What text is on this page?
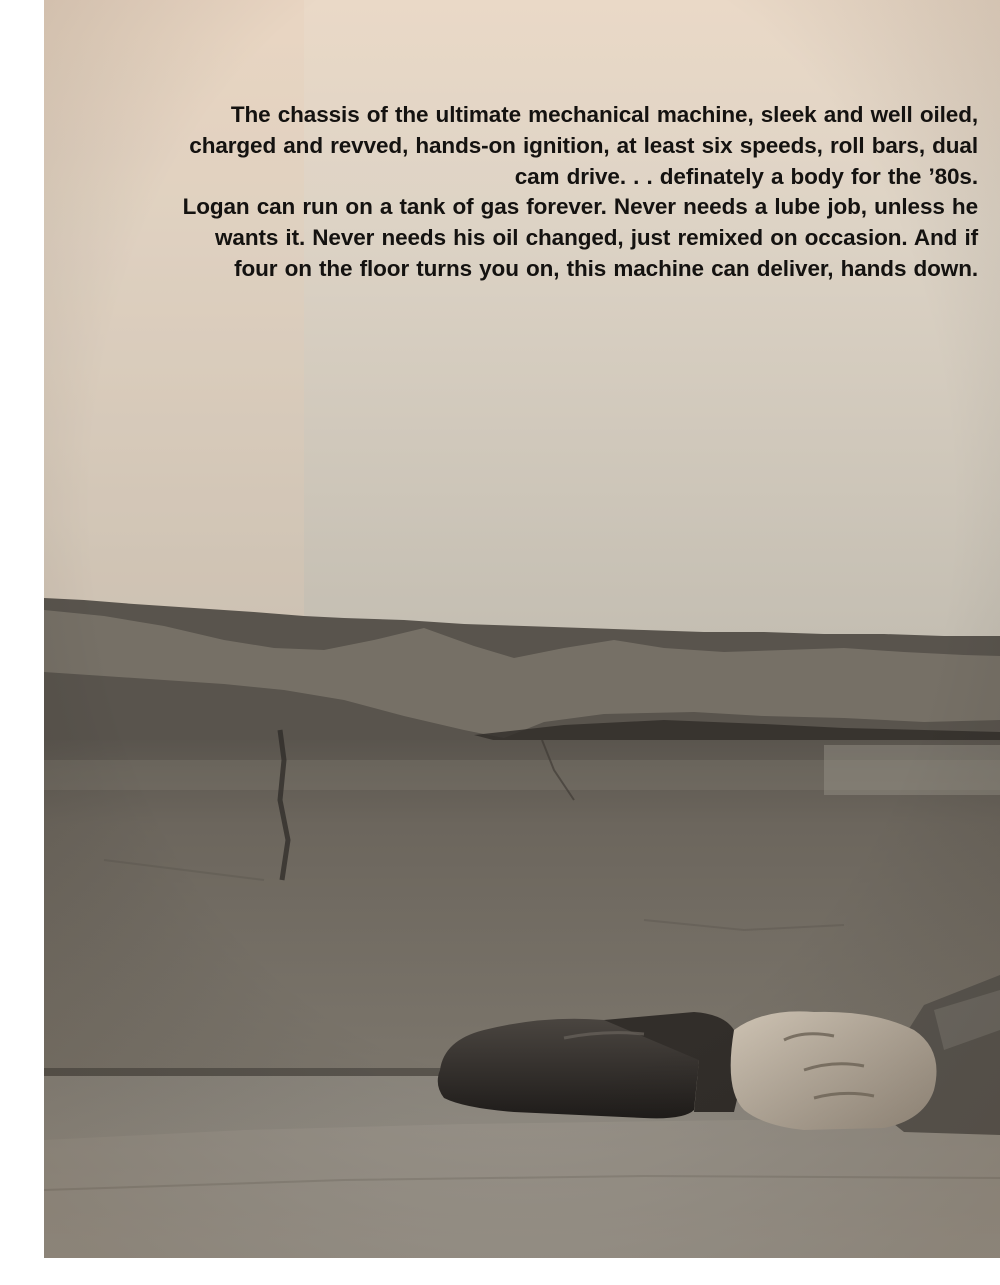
The chassis of the ultimate mechanical machine, sleek and well oiled,
charged and revved, hands-on ignition, at least six speeds, roll bars, dual
cam drive. . . definately a body for the ’80s.
Logan can run on a tank of gas forever. Never needs a lube job, unless he
wants it. Never needs his oil changed, just remixed on occasion. And if
four on the floor turns you on, this machine can deliver, hands down.
